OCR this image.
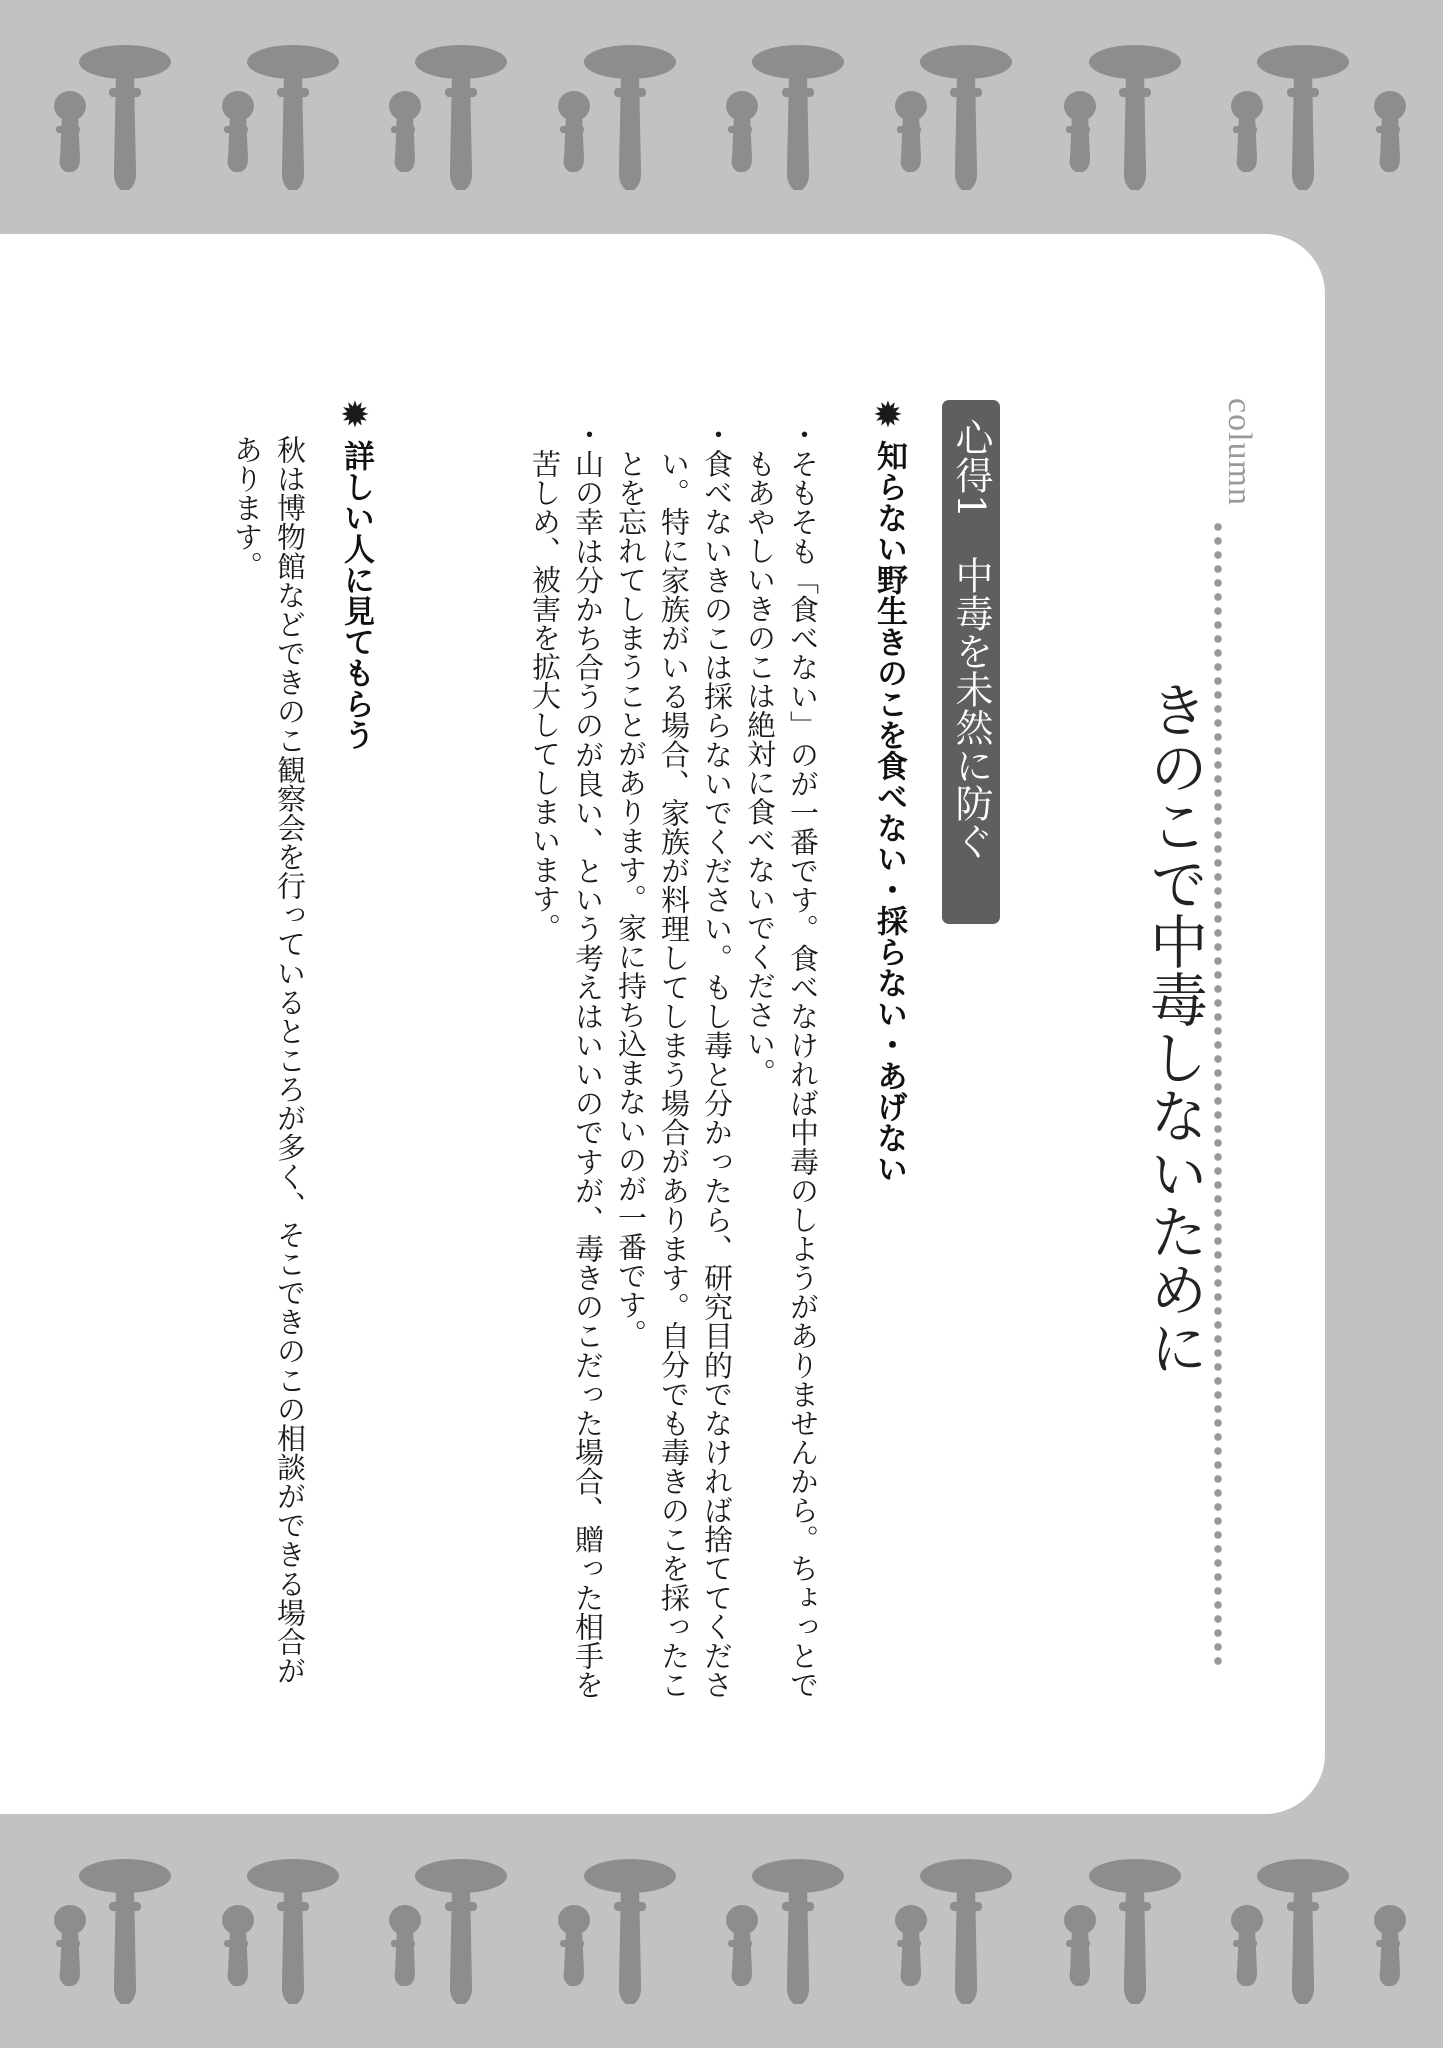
column
きのこで中毒しないために
心得1　中毒を未然に防ぐ
✹
知らない野生きのこを食べない・採らない・あげない
・そもそも「食べない」のが一番です。食べなければ中毒のしようがありませんから。ちょっとでもあやしいきのこは絶対に食べないでください。
・食べないきのこは採らないでください。もし毒と分かったら、研究目的でなければ捨ててください。特に家族がいる場合、家族が料理してしまう場合があります。自分でも毒きのこを採ったことを忘れてしまうことがあります。家に持ち込まないのが一番です。
・山の幸は分かち合うのが良い、という考えはいいのですが、毒きのこだった場合、贈った相手を苦しめ、被害を拡大してしまいます。
✹
詳しい人に見てもらう
秋は博物館などできのこ観察会を行っているところが多く、そこできのこの相談ができる場合があります。
